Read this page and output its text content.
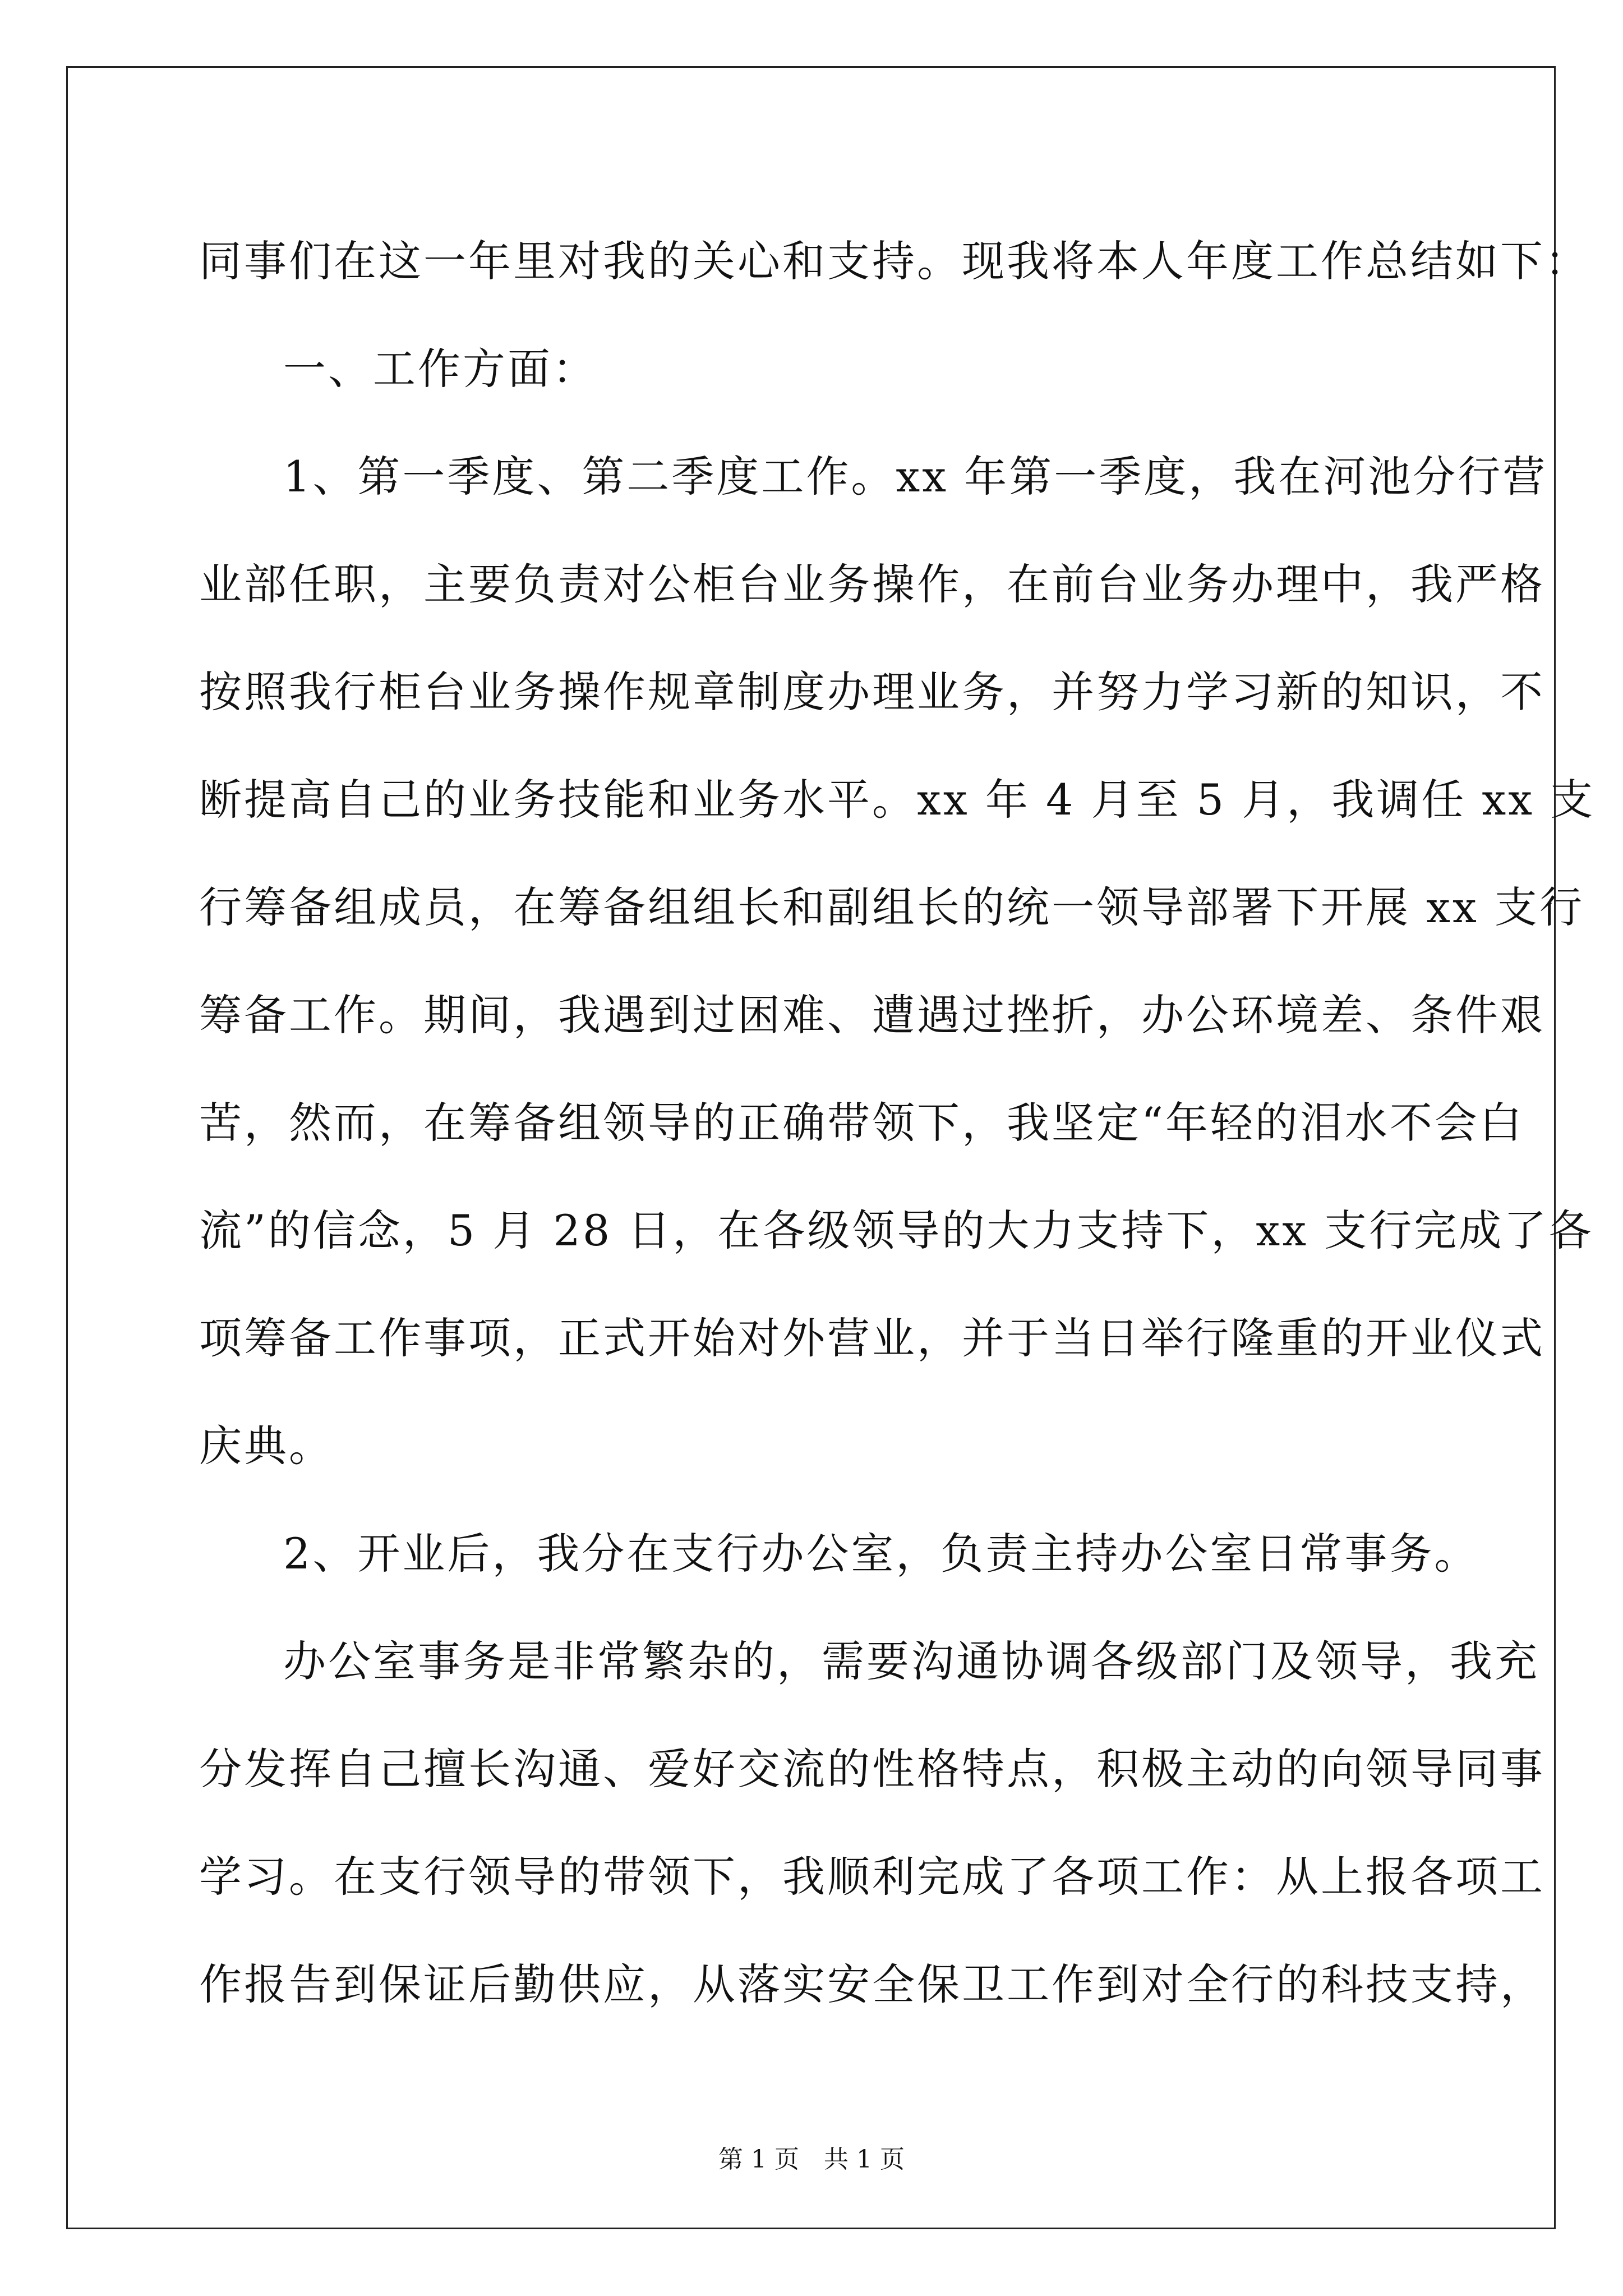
同事们在这一年里对我的关心和支持。现我将本人年度工作总结如下：
一、工作方面：
1、第一季度、第二季度工作。xx 年第一季度，我在河池分行营
业部任职，主要负责对公柜台业务操作，在前台业务办理中，我严格
按照我行柜台业务操作规章制度办理业务，并努力学习新的知识，不
断提高自己的业务技能和业务水平。xx 年 4 月至 5 月，我调任 xx 支
行筹备组成员，在筹备组组长和副组长的统一领导部署下开展 xx 支行
筹备工作。期间，我遇到过困难、遭遇过挫折，办公环境差、条件艰
苦，然而，在筹备组领导的正确带领下，我坚定“年轻的泪水不会白
流”的信念，5 月 28 日，在各级领导的大力支持下，xx 支行完成了各
项筹备工作事项，正式开始对外营业，并于当日举行隆重的开业仪式
庆典。
2、开业后，我分在支行办公室，负责主持办公室日常事务。
办公室事务是非常繁杂的，需要沟通协调各级部门及领导，我充
分发挥自己擅长沟通、爱好交流的性格特点，积极主动的向领导同事
学习。在支行领导的带领下，我顺利完成了各项工作：从上报各项工
作报告到保证后勤供应，从落实安全保卫工作到对全行的科技支持，
第 1 页　共 1 页
